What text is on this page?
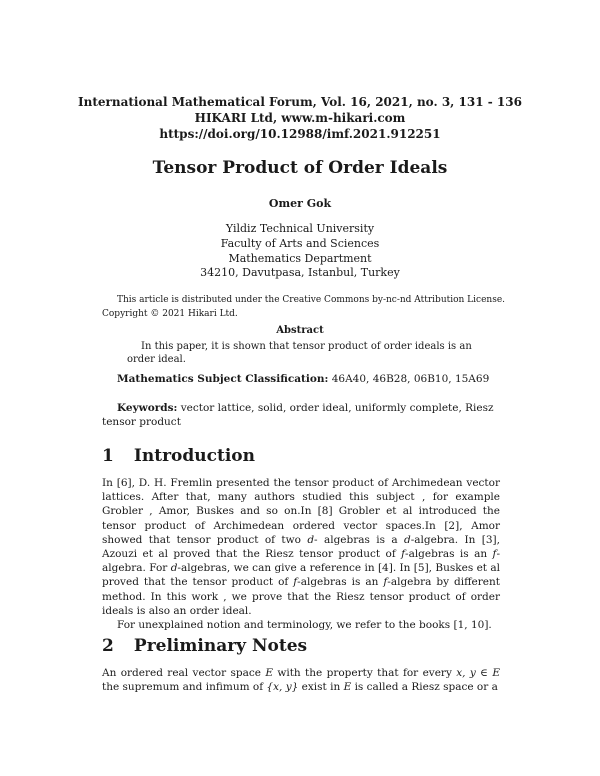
International Mathematical Forum, Vol. 16, 2021, no. 3, 131 - 136
HIKARI Ltd, www.m-hikari.com
https://doi.org/10.12988/imf.2021.912251
Tensor Product of Order Ideals
Omer Gok
Yildiz Technical University
Faculty of Arts and Sciences
Mathematics Department
34210, Davutpasa, Istanbul, Turkey
This article is distributed under the Creative Commons by-nc-nd Attribution License.
Copyright © 2021 Hikari Ltd.
Abstract
In this paper, it is shown that tensor product of order ideals is an order ideal.
Mathematics Subject Classification: 46A40, 46B28, 06B10, 15A69
Keywords: vector lattice, solid, order ideal, uniformly complete, Riesz tensor product
1 Introduction

In [6], D. H. Fremlin presented the tensor product of Archimedean vector lattices. After that, many authors studied this subject , for example Grobler , Amor, Buskes and so on.In [8] Grobler et al introduced the tensor product of Archimedean ordered vector spaces.In [2], Amor showed that tensor product of two d- algebras is a d-algebra. In [3], Azouzi et al proved that the Riesz tensor product of f-algebras is an f-algebra. For d-algebras, we can give a reference in [4]. In [5], Buskes et al proved that the tensor product of f-algebras is an f-algebra by different method. In this work , we prove that the Riesz tensor product of order ideals is also an order ideal.

For unexplained notion and terminology, we refer to the books [1, 10].

2 Preliminary Notes

An ordered real vector space E with the property that for every x, y ∈ E the supremum and infimum of {x, y} exist in E is called a Riesz space or a
